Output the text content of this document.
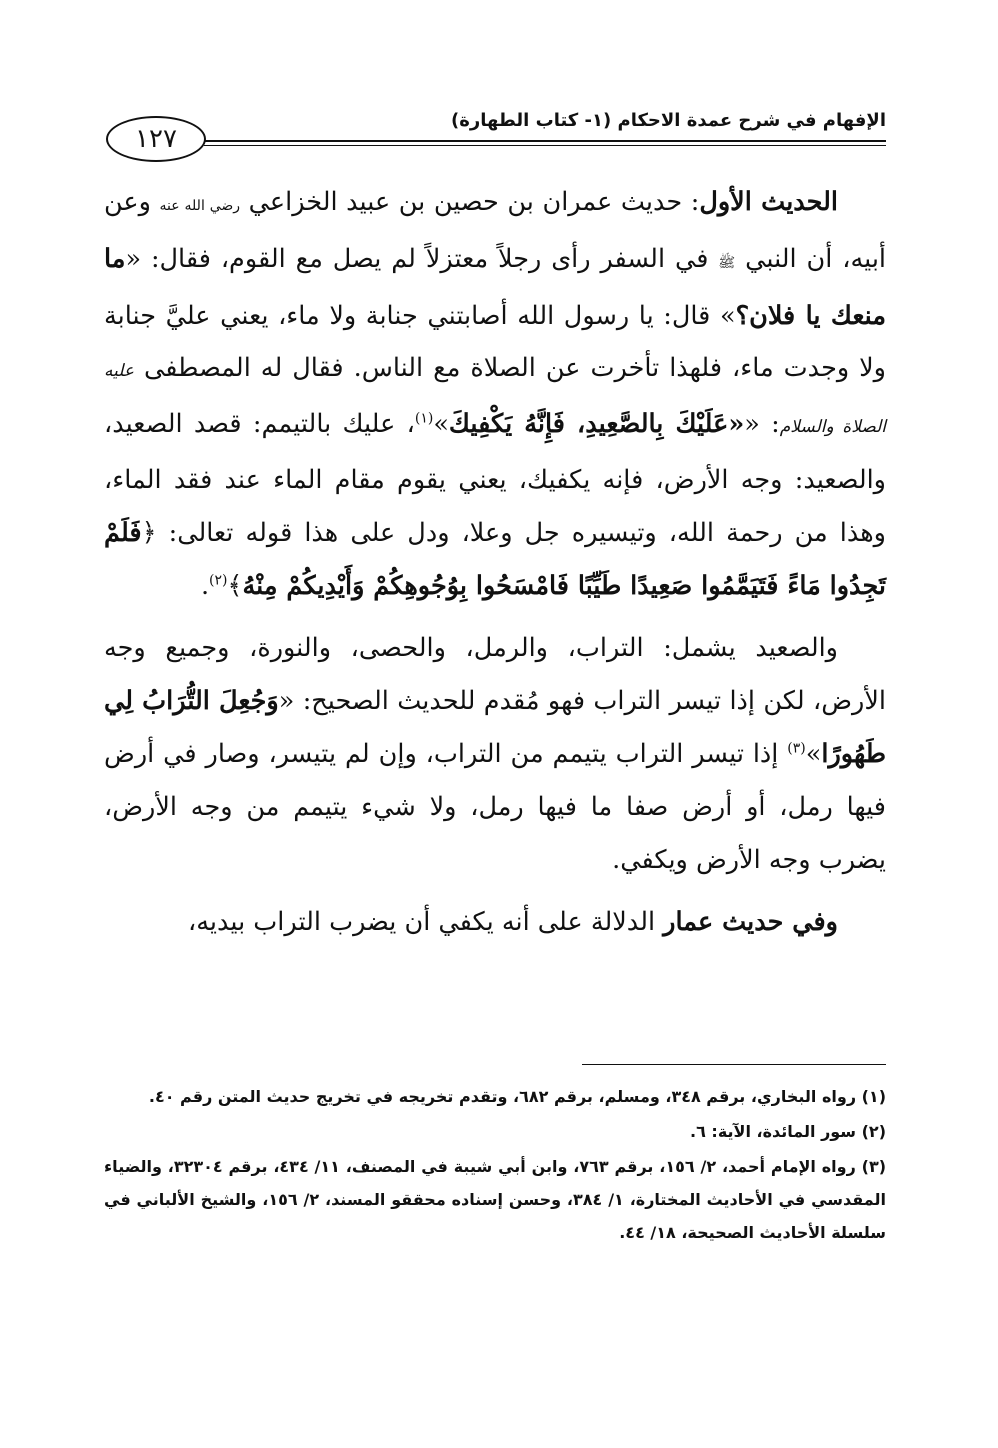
الإفهام في شرح عمدة الاحكام (١- كتاب الطهارة)
١٢٧

الحديث الأول: حديث عمران بن حصين بن عبيد الخزاعي رضي الله عنه وعن أبيه، أن النبي ﷺ في السفر رأى رجلاً معتزلاً لم يصل مع القوم، فقال: «ما منعك يا فلان؟» قال: يا رسول الله أصابتني جنابة ولا ماء، يعني عليَّ جنابة ولا وجدت ماء، فلهذا تأخرت عن الصلاة مع الناس. فقال له المصطفى عليه الصلاة والسلام: ««عَلَيْكَ بِالصَّعِيدِ، فَإِنَّهُ يَكْفِيكَ»$^{(١)}$، عليك بالتيمم: قصد الصعيد، والصعيد: وجه الأرض، فإنه يكفيك، يعني يقوم مقام الماء عند فقد الماء، وهذا من رحمة الله، وتيسيره جل وعلا، ودل على هذا قوله تعالى: ﴿فَلَمْ تَجِدُوا مَاءً فَتَيَمَّمُوا صَعِيدًا طَيِّبًا فَامْسَحُوا بِوُجُوهِكُمْ وَأَيْدِيكُمْ مِنْهُ﴾$^{(٢)}$.

والصعيد يشمل: التراب، والرمل، والحصى، والنورة، وجميع وجه الأرض، لكن إذا تيسر التراب فهو مُقدم للحديث الصحيح: «وَجُعِلَ التُّرَابُ لِي طَهُورًا»$^{(٣)}$ إذا تيسر التراب يتيمم من التراب، وإن لم يتيسر، وصار في أرض فيها رمل، أو أرض صفا ما فيها رمل، ولا شيء يتيمم من وجه الأرض، يضرب وجه الأرض ويكفي.

وفي حديث عمار الدلالة على أنه يكفي أن يضرب التراب بيديه،

(١) رواه البخاري، برقم ٣٤٨، ومسلم، برقم ٦٨٢، وتقدم تخريجه في تخريج حديث المتن رقم ٤٠.

(٢) سور المائدة، الآية: ٦.

(٣) رواه الإمام أحمد، ٢/ ١٥٦، برقم ٧٦٣، وابن أبي شيبة في المصنف، ١١/ ٤٣٤، برقم ٣٢٣٠٤، والضياء المقدسي في الأحاديث المختارة، ١/ ٣٨٤، وحسن إسناده محققو المسند، ٢/ ١٥٦، والشيخ الألباني في سلسلة الأحاديث الصحيحة، ١٨/ ٤٤.
